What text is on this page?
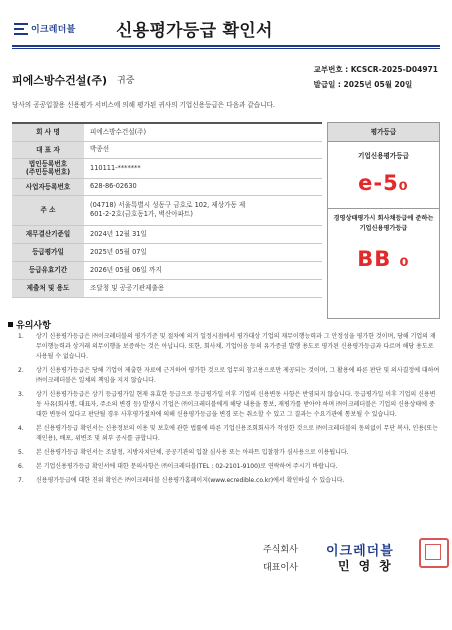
이크레더블 신용평가등급 확인서
피에스방수건설(주) 귀중
교부번호 : KCSCR-2025-D04971
발급일 : 2025년 05월 20일
당사의 공공입찰용 신용평가 서비스에 의해 평가된 귀사의 기업신용등급은 다음과 같습니다.
회 사 명	피에스방수건설(주)
대 표 자	박종선
법인등록번호
(주민등록번호)	110111-*******
사업자등록번호	628-86-02630
주 소	(04718) 서울특별시 성동구 금호로 102, 제상가동 제
601-2-2호(금호동1가, 벽산아파트)
재무결산기준일	2024년 12월 31일
등급평가일	2025년 05월 07일
등급유효기간	2026년 05월 06일 까지
제출처 및 용도	조달청 및 공공기관제출용
평가등급
기업신용평가등급
e-5₀
경영상태평가시 회사채등급에 준하는
기업신용평가등급
BB ₀
유의사항
1.	상기 신용평가등급은 ㈜이크레더블의 평가기준 및 절차에 의거 일정시점에서 평가대상 기업의 재무이행능력과 그 안정성을 평가한 것이며, 당해 기업의 재무이행능력과 상거래 의무이행을 보증하는 것은 아닙니다. 또한, 회사채, 기업어음 등의 유가증권 발행 용도로 평가된 신용평가등급과 다르며 해당 용도로 사용될 수 없습니다.
2.	상기 신용평가등급은 당해 기업이 제출한 자료에 근거하여 평가한 것으로 업무의 참고용으로만 제공되는 것이며, 그 활용에 따른 판단 및 의사결정에 대하여 ㈜이크레더블은 일체의 책임을 지지 않습니다.
3.	상기 신용평가등급은 상기 등급평가일 현재 유효한 등급으로 등급평가일 이후 기업의 신용변동 사항은 반영되지 않습니다. 등급평가일 이후 기업의 신용변동 사유(회사명, 대표자, 주소의 변경 등) 발생시 기업은 ㈜이크레더블에게 해당 내용을 통보, 재평가를 받아야 하며 ㈜이크레더블은 기업의 신용상태에 중대한 변동이 있다고 판단될 경우 사후평가절차에 의해 신용평가등급을 변경 또는 취소할 수 있고 그 결과는 수요기관에 통보될 수 있습니다.
4.	본 신용평가등급 확인서는 신용정보의 이용 및 보호에 관한 법률에 따른 기업신용조회회사가 작성한 것으로 ㈜이크레더블의 동의없이 무단 복사, 인용(또는 재인용), 배포, 위변조 및 외부 공시를 금합니다.
5.	본 신용평가등급 확인서는 조달청, 지방자치단체, 공공기관의 입찰 심사용 또는 아파트 입찰참가 심사용으로 이용됩니다.
6.	본 기업신용평가등급 확인서에 대한 문의사항은 ㈜이크레더블(TEL : 02-2101-9100)로 연락하여 주시기 바랍니다.
7.	신용평가등급에 대한 진위 확인은 ㈜이크레더블 신용평가홈페이지(www.ecredible.co.kr)에서 확인하실 수 있습니다.
주식회사
대표이사
이크레더블
민영창
